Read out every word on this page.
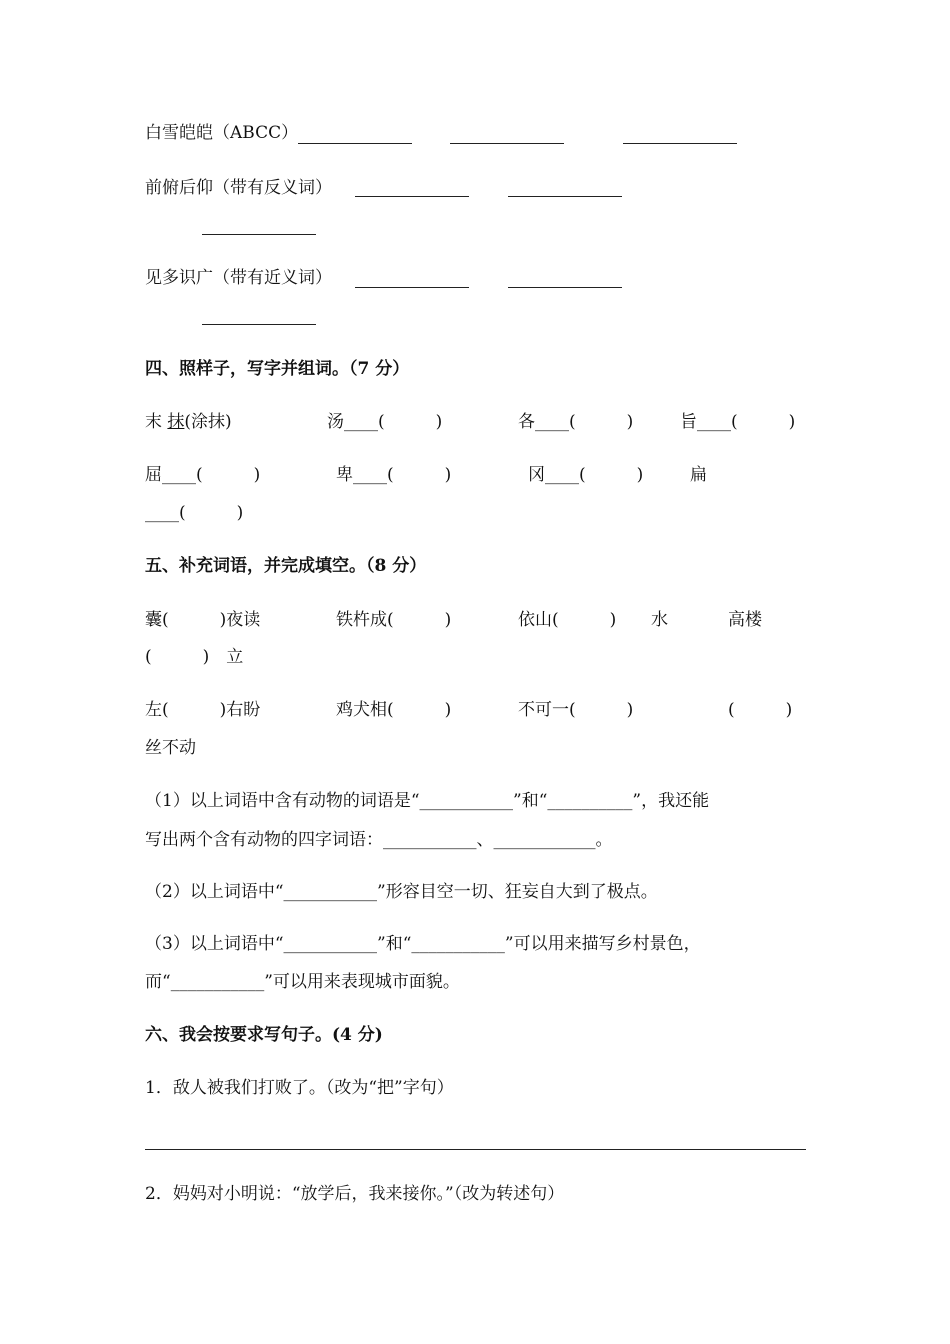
白雪皑皑（ABCC）
前俯后仰（带有反义词）
见多识广（带有近义词）
四、照样子，写字并组词。（7 分）
末 抹(涂抹)	汤____(　　　)	各____(　　　)	旨____(　　　)
屈____(　　　)	卑____(　　　)	冈____(　　　)	扁
____(　　　)
五、补充词语，并完成填空。（8 分）
囊(　　　)夜读	铁杵成(　　　)	依山(　　　) 水	高楼
(　　　)　立
左(　　　)右盼	鸡犬相(　　　)	不可一(　　　)	(　　　)
丝不动
（1）以上词语中含有动物的词语是“___________”和“__________”，我还能
写出两个含有动物的四字词语：___________、____________。
（2）以上词语中“___________”形容目空一切、狂妄自大到了极点。
（3）以上词语中“___________”和“___________”可以用来描写乡村景色，
而“___________”可以用来表现城市面貌。
六、我会按要求写句子。(4 分)
1．敌人被我们打败了。（改为“把”字句）
2．妈妈对小明说：“放学后，我来接你。”（改为转述句）
